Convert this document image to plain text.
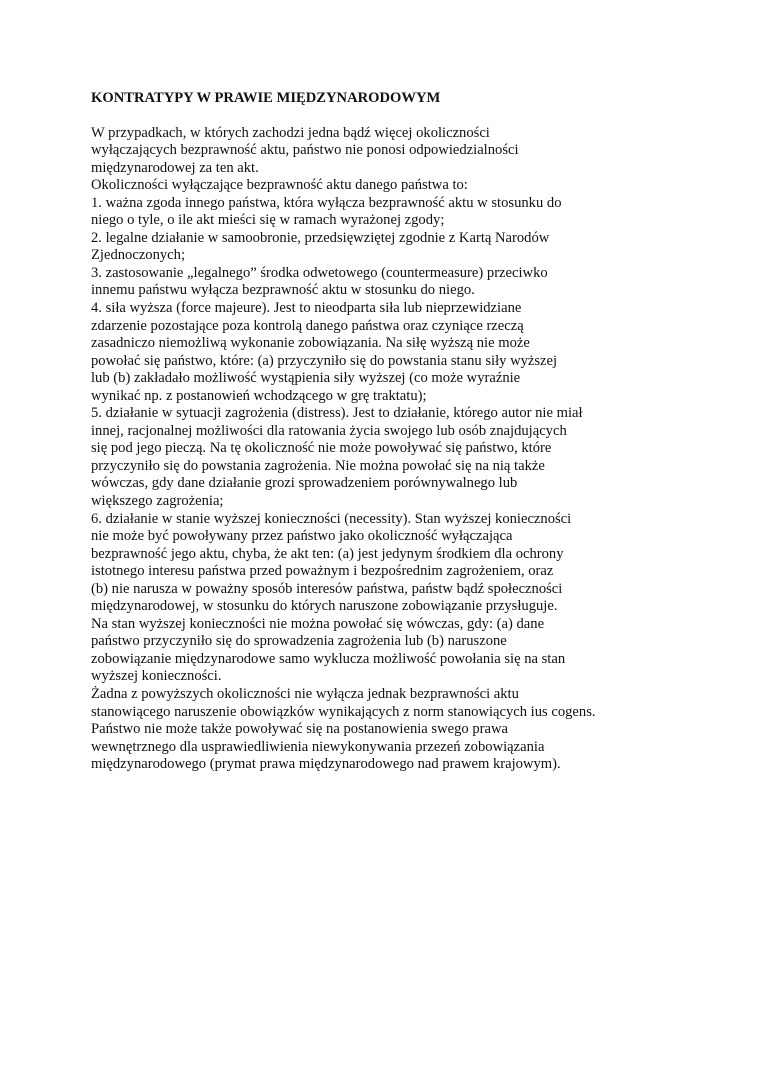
KONTRATYPY W PRAWIE MIĘDZYNARODOWYM
W przypadkach, w których zachodzi jedna bądź więcej okoliczności
wyłączających bezprawność aktu, państwo nie ponosi odpowiedzialności
międzynarodowej za ten akt.
Okoliczności wyłączające bezprawność aktu danego państwa to:
1. ważna zgoda innego państwa, która wyłącza bezprawność aktu w stosunku do
niego o tyle, o ile akt mieści się w ramach wyrażonej zgody;
2. legalne działanie w samoobronie, przedsięwziętej zgodnie z Kartą Narodów
Zjednoczonych;
3. zastosowanie „legalnego” środka odwetowego (countermeasure) przeciwko
innemu państwu wyłącza bezprawność aktu w stosunku do niego.
4. siła wyższa (force majeure). Jest to nieodparta siła lub nieprzewidziane
zdarzenie pozostające poza kontrolą danego państwa oraz czyniące rzeczą
zasadniczo niemożliwą wykonanie zobowiązania. Na siłę wyższą nie może
powołać się państwo, które: (a) przyczyniło się do powstania stanu siły wyższej
lub (b) zakładało możliwość wystąpienia siły wyższej (co może wyraźnie
wynikać np. z postanowień wchodzącego w grę traktatu);
5. działanie w sytuacji zagrożenia (distress). Jest to działanie, którego autor nie miał
innej, racjonalnej możliwości dla ratowania życia swojego lub osób znajdujących
się pod jego pieczą. Na tę okoliczność nie może powoływać się państwo, które
przyczyniło się do powstania zagrożenia. Nie można powołać się na nią także
wówczas, gdy dane działanie grozi sprowadzeniem porównywalnego lub
większego zagrożenia;
6. działanie w stanie wyższej konieczności (necessity). Stan wyższej konieczności
nie może być powoływany przez państwo jako okoliczność wyłączająca
bezprawność jego aktu, chyba, że akt ten: (a) jest jedynym środkiem dla ochrony
istotnego interesu państwa przed poważnym i bezpośrednim zagrożeniem, oraz
(b) nie narusza w poważny sposób interesów państwa, państw bądź społeczności
międzynarodowej, w stosunku do których naruszone zobowiązanie przysługuje.
Na stan wyższej konieczności nie można powołać się wówczas, gdy: (a) dane
państwo przyczyniło się do sprowadzenia zagrożenia lub (b) naruszone
zobowiązanie międzynarodowe samo wyklucza możliwość powołania się na stan
wyższej konieczności.
Żadna z powyższych okoliczności nie wyłącza jednak bezprawności aktu
stanowiącego naruszenie obowiązków wynikających z norm stanowiących ius cogens.
Państwo nie może także powoływać się na postanowienia swego prawa
wewnętrznego dla usprawiedliwienia niewykonywania przezeń zobowiązania
międzynarodowego (prymat prawa międzynarodowego nad prawem krajowym).
